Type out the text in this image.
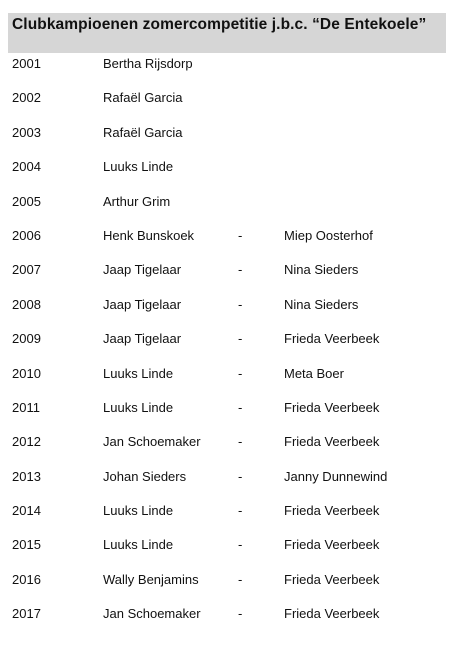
Clubkampioenen zomercompetitie j.b.c. “De Entekoele”
2001	Bertha Rijsdorp
2002	Rafaël Garcia
2003	Rafaël Garcia
2004	Luuks Linde
2005	Arthur Grim
2006	Henk Bunskoek	-	Miep Oosterhof
2007	Jaap Tigelaar	-	Nina Sieders
2008	Jaap Tigelaar	-	Nina Sieders
2009	Jaap Tigelaar	-	Frieda Veerbeek
2010	Luuks Linde	-	Meta Boer
2011	Luuks Linde	-	Frieda Veerbeek
2012	Jan Schoemaker	-	Frieda Veerbeek
2013	Johan Sieders	-	Janny Dunnewind
2014	Luuks Linde	-	Frieda Veerbeek
2015	Luuks Linde	-	Frieda Veerbeek
2016	Wally Benjamins	-	Frieda Veerbeek
2017	Jan Schoemaker	-	Frieda Veerbeek
